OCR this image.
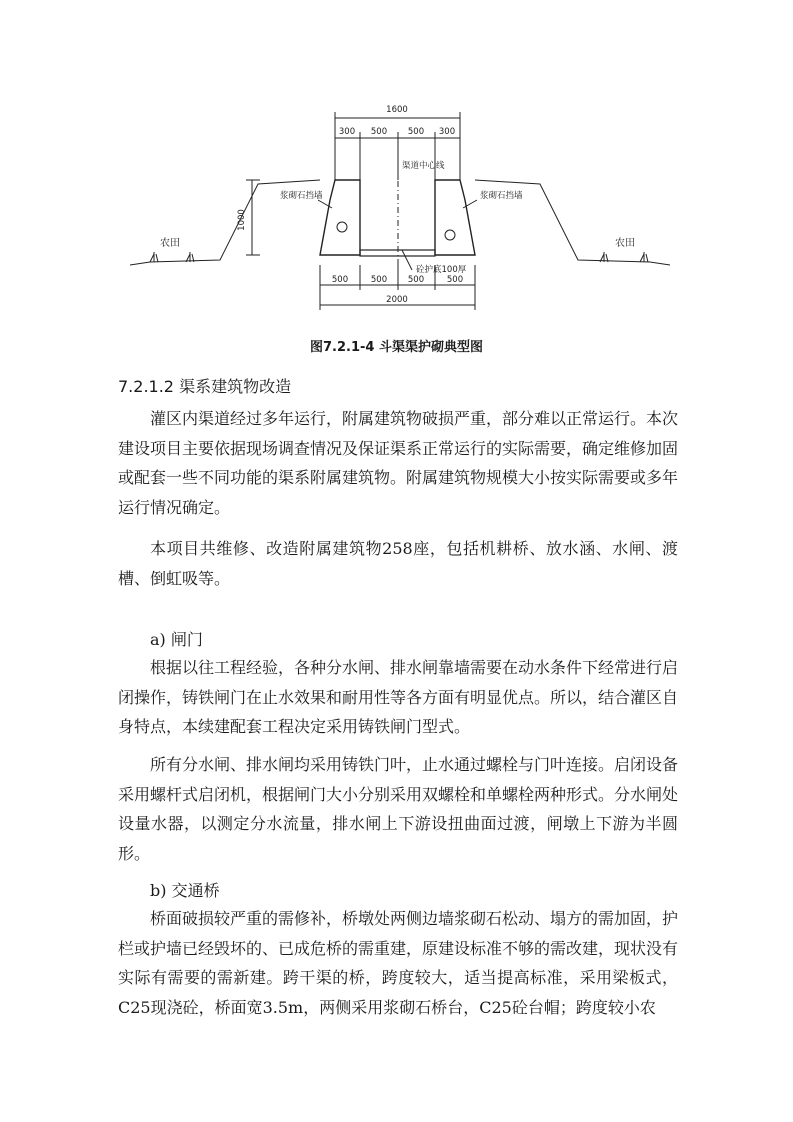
1600
300 500 500 300
1000
渠道中心线
浆砌石挡墙	浆砌石挡墙
农田	农田
砼护底100厚
500	500 500	500
2000
图7.2.1-4 斗渠渠护砌典型图
7.2.1.2 渠系建筑物改造

灌区内渠道经过多年运行，附属建筑物破损严重，部分难以正常运行。本次建设项目主要依据现场调查情况及保证渠系正常运行的实际需要，确定维修加固或配套一些不同功能的渠系附属建筑物。附属建筑物规模大小按实际需要或多年运行情况确定。

本项目共维修、改造附属建筑物258座，包括机耕桥、放水涵、水闸、渡槽、倒虹吸等。

a) 闸门

根据以往工程经验，各种分水闸、排水闸靠墙需要在动水条件下经常进行启闭操作，铸铁闸门在止水效果和耐用性等各方面有明显优点。所以，结合灌区自身特点，本续建配套工程决定采用铸铁闸门型式。

所有分水闸、排水闸均采用铸铁门叶，止水通过螺栓与门叶连接。启闭设备采用螺杆式启闭机，根据闸门大小分别采用双螺栓和单螺栓两种形式。分水闸处设量水器，以测定分水流量，排水闸上下游设扭曲面过渡，闸墩上下游为半圆形。

b) 交通桥

桥面破损较严重的需修补，桥墩处两侧边墙浆砌石松动、塌方的需加固，护栏或护墙已经毁坏的、已成危桥的需重建，原建设标准不够的需改建，现状没有实际有需要的需新建。跨干渠的桥，跨度较大，适当提高标准，采用梁板式，C25现浇砼，桥面宽3.5m，两侧采用浆砌石桥台，C25砼台帽；跨度较小农
